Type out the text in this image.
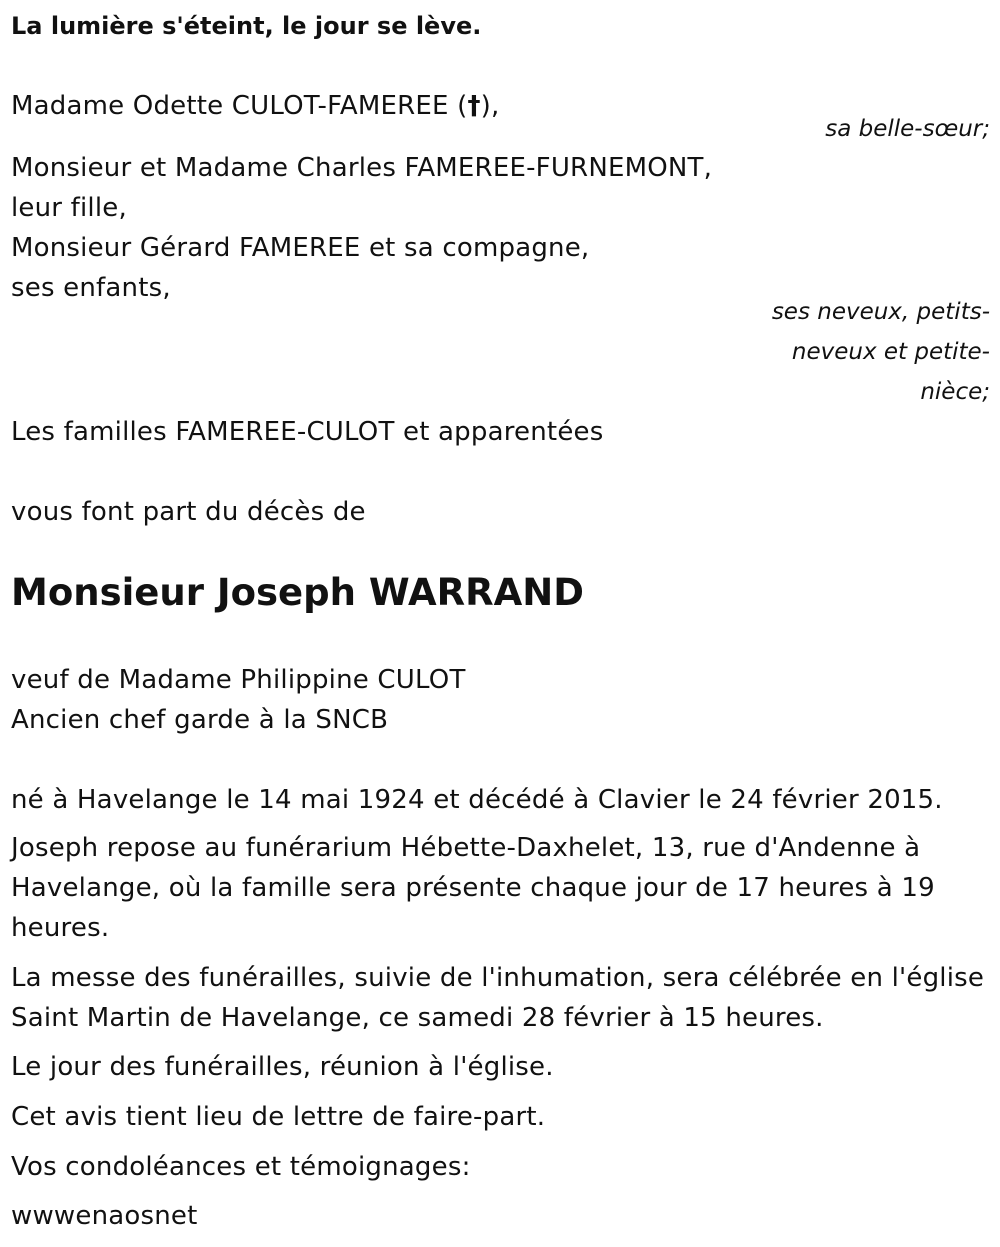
La lumière s'éteint, le jour se lève.
Madame Odette CULOT-FAMEREE (†),
sa belle-sœur;
Monsieur et Madame Charles FAMEREE-FURNEMONT,
leur fille,
Monsieur Gérard FAMEREE et sa compagne,
ses enfants,
ses neveux, petits-
neveux et petite-
nièce;
Les familles FAMEREE-CULOT et apparentées
vous font part du décès de
Monsieur Joseph WARRAND
veuf de Madame Philippine CULOT
Ancien chef garde à la SNCB
né à Havelange le 14 mai 1924 et décédé à Clavier le 24 février 2015.
Joseph repose au funérarium Hébette-Daxhelet, 13, rue d'Andenne à Havelange, où la famille sera présente chaque jour de 17 heures à 19 heures.
La messe des funérailles, suivie de l'inhumation, sera célébrée en l'église Saint Martin de Havelange, ce samedi 28 février à 15 heures.
Le jour des funérailles, réunion à l'église.
Cet avis tient lieu de lettre de faire-part.
Vos condoléances et témoignages:
wwwenaosnet
